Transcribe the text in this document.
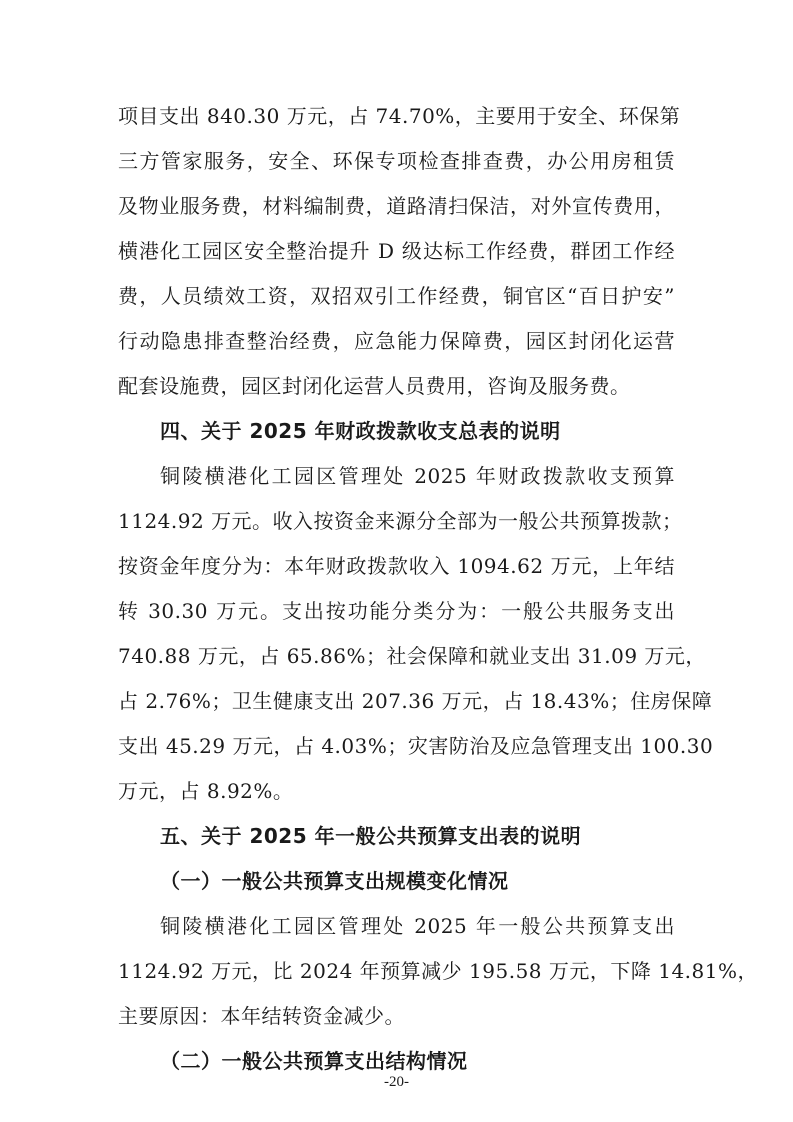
项目支出 840.30 万元，占 74.70%，主要用于安全、环保第
三方管家服务，安全、环保专项检查排查费，办公用房租赁
及物业服务费，材料编制费，道路清扫保洁，对外宣传费用，
横港化工园区安全整治提升 D 级达标工作经费，群团工作经
费，人员绩效工资，双招双引工作经费，铜官区“百日护安”
行动隐患排查整治经费，应急能力保障费，园区封闭化运营
配套设施费，园区封闭化运营人员费用，咨询及服务费。
四、关于 2025 年财政拨款收支总表的说明
铜陵横港化工园区管理处 2025 年财政拨款收支预算
1124.92 万元。收入按资金来源分全部为一般公共预算拨款；
按资金年度分为：本年财政拨款收入 1094.62 万元，上年结
转 30.30 万元。支出按功能分类分为：一般公共服务支出
740.88 万元，占 65.86%；社会保障和就业支出 31.09 万元，
占 2.76%；卫生健康支出 207.36 万元，占 18.43%；住房保障
支出 45.29 万元，占 4.03%；灾害防治及应急管理支出 100.30
万元，占 8.92%。
五、关于 2025 年一般公共预算支出表的说明
（一）一般公共预算支出规模变化情况
铜陵横港化工园区管理处 2025 年一般公共预算支出
1124.92 万元，比 2024 年预算减少 195.58 万元，下降 14.81%，
主要原因：本年结转资金减少。
（二）一般公共预算支出结构情况
-20-
